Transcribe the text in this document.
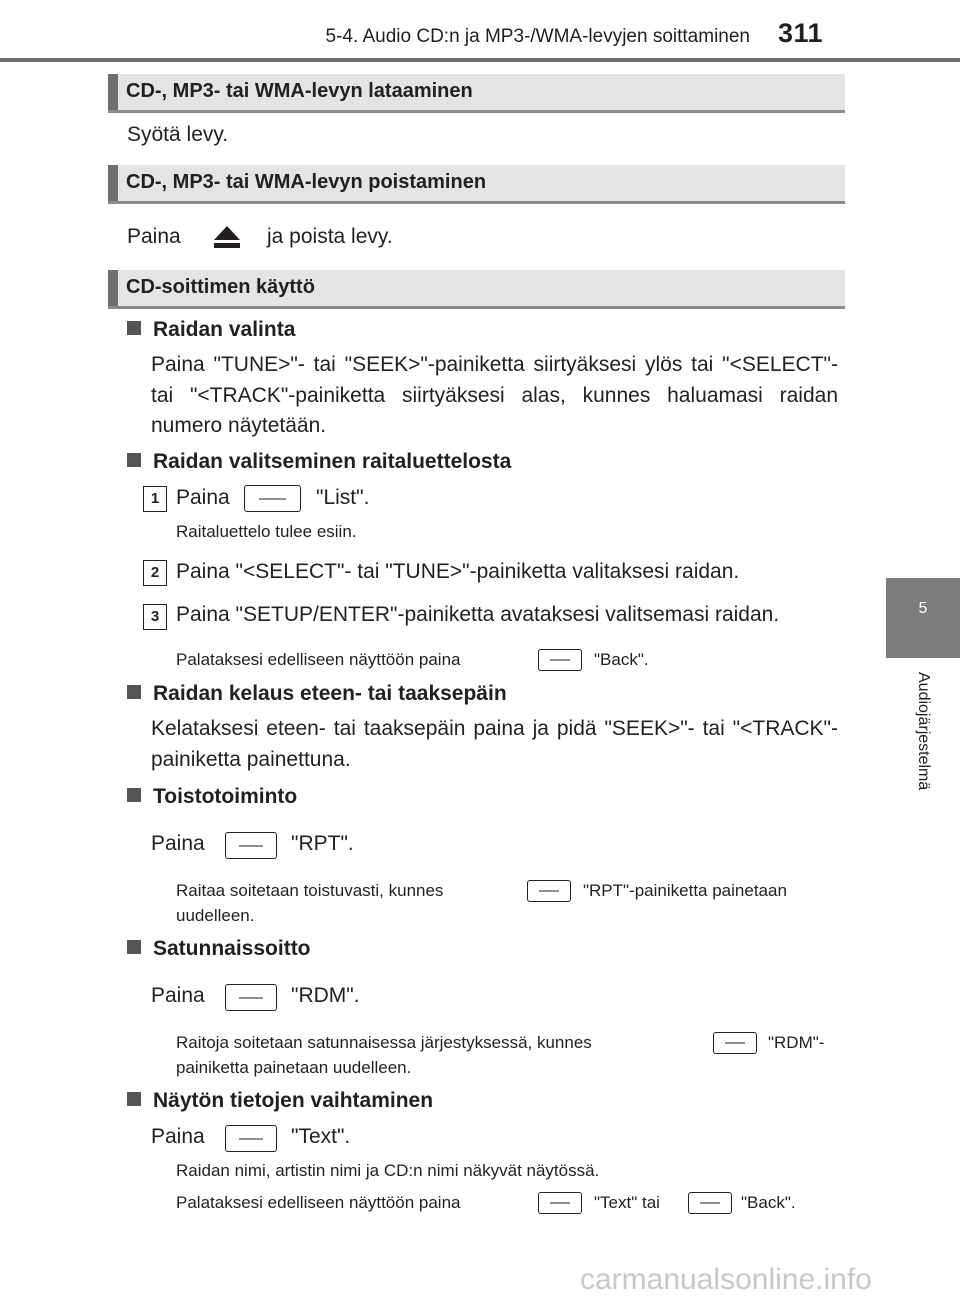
5-4. Audio CD:n ja MP3-/WMA-levyjen soittaminen 311
5
Audiojärjestelmä
CD-, MP3- tai WMA-levyn lataaminen
Syötä levy.
CD-, MP3- tai WMA-levyn poistaminen
Paina	ja poista levy.
CD-soittimen käyttö
Raidan valinta
Paina "TUNE>"- tai "SEEK>"-painiketta siirtyäksesi ylös tai "<SELECT"- tai "<TRACK"-painiketta siirtyäksesi alas, kunnes haluamasi raidan numero näytetään.
Raidan valitseminen raitaluettelosta
1 Paina	"List".
Raitaluettelo tulee esiin.
2 Paina "<SELECT"- tai "TUNE>"-painiketta valitaksesi raidan.
3 Paina "SETUP/ENTER"-painiketta avataksesi valitsemasi raidan.
Palataksesi edelliseen näyttöön paina	"Back".
Raidan kelaus eteen- tai taaksepäin
Kelataksesi eteen- tai taaksepäin paina ja pidä "SEEK>"- tai "<TRACK"-painiketta painettuna.
Toistotoiminto
Paina	"RPT".
Raitaa soitetaan toistuvasti, kunnes	"RPT"-painiketta painetaan
uudelleen.
Satunnaissoitto
Paina	"RDM".
Raitoja soitetaan satunnaisessa järjestyksessä, kunnes	"RDM"-
painiketta painetaan uudelleen.
Näytön tietojen vaihtaminen
Paina	"Text".
Raidan nimi, artistin nimi ja CD:n nimi näkyvät näytössä.
Palataksesi edelliseen näyttöön paina	"Text" tai	"Back".
carmanualsonline.info
